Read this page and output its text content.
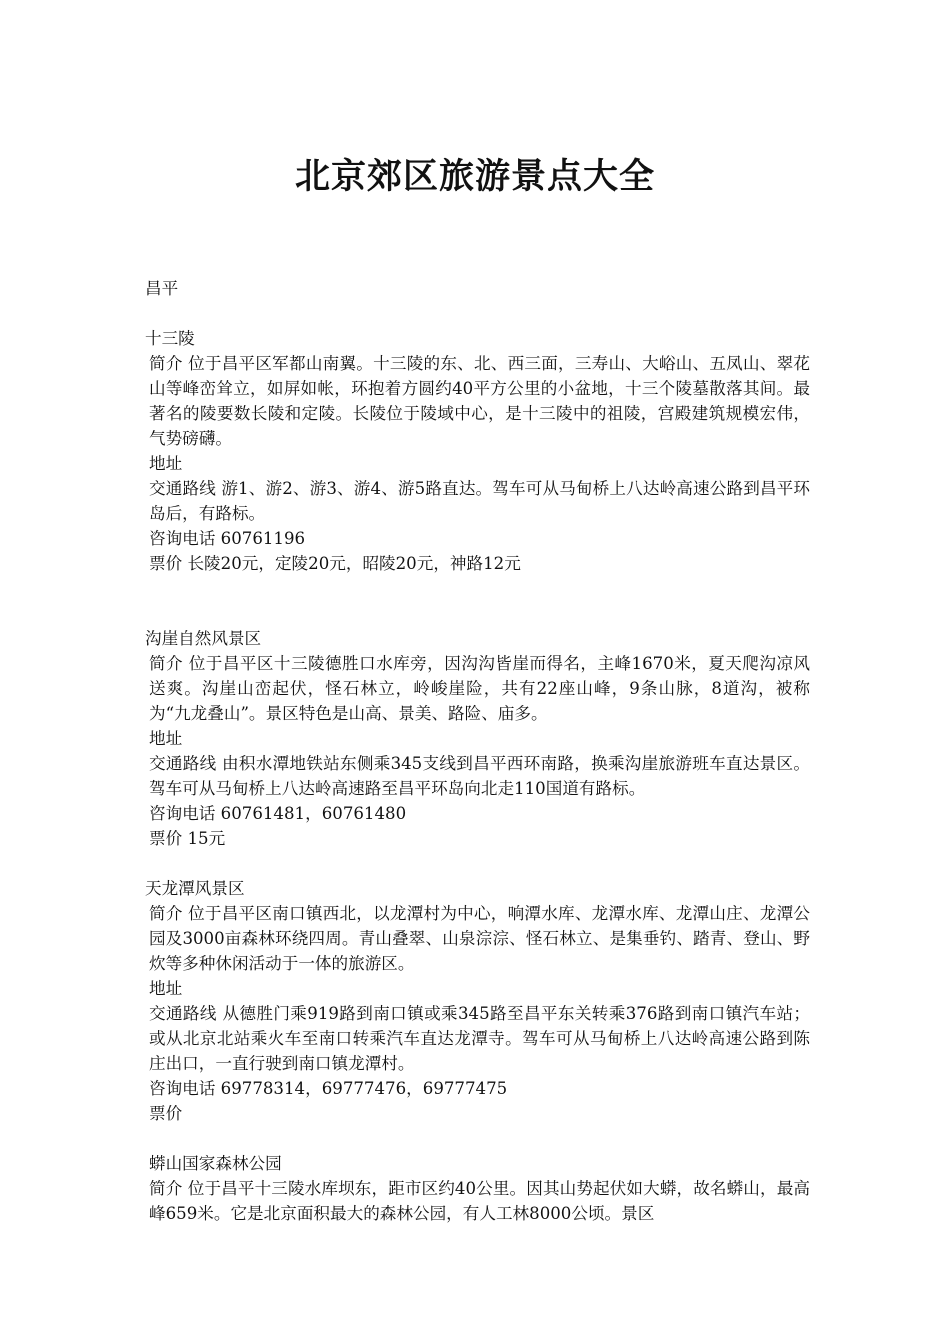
北京郊区旅游景点大全
昌平
十三陵
简介 位于昌平区军都山南翼。十三陵的东、北、西三面，三寿山、大峪山、五凤山、翠花山等峰峦耸立，如屏如帐，环抱着方圆约40平方公里的小盆地，十三个陵墓散落其间。最著名的陵要数长陵和定陵。长陵位于陵域中心，是十三陵中的祖陵，宫殿建筑规模宏伟，气势磅礴。
地址
交通路线 游1、游2、游3、游4、游5路直达。驾车可从马甸桥上八达岭高速公路到昌平环岛后，有路标。
咨询电话 60761196
票价 长陵20元，定陵20元，昭陵20元，神路12元
沟崖自然风景区
简介 位于昌平区十三陵德胜口水库旁，因沟沟皆崖而得名，主峰1670米，夏天爬沟凉风送爽。沟崖山峦起伏，怪石林立，岭峻崖险，共有22座山峰，9条山脉，8道沟，被称为“九龙叠山”。景区特色是山高、景美、路险、庙多。
地址
交通路线 由积水潭地铁站东侧乘345支线到昌平西环南路，换乘沟崖旅游班车直达景区。驾车可从马甸桥上八达岭高速路至昌平环岛向北走110国道有路标。
咨询电话 60761481，60761480
票价 15元
天龙潭风景区
简介 位于昌平区南口镇西北，以龙潭村为中心，响潭水库、龙潭水库、龙潭山庄、龙潭公园及3000亩森林环绕四周。青山叠翠、山泉淙淙、怪石林立、是集垂钓、踏青、登山、野炊等多种休闲活动于一体的旅游区。
地址
交通路线 从德胜门乘919路到南口镇或乘345路至昌平东关转乘376路到南口镇汽车站；或从北京北站乘火车至南口转乘汽车直达龙潭寺。驾车可从马甸桥上八达岭高速公路到陈庄出口，一直行驶到南口镇龙潭村。
咨询电话 69778314，69777476，69777475
票价
蟒山国家森林公园
简介 位于昌平十三陵水库坝东，距市区约40公里。因其山势起伏如大蟒，故名蟒山，最高峰659米。它是北京面积最大的森林公园，有人工林8000公顷。景区
